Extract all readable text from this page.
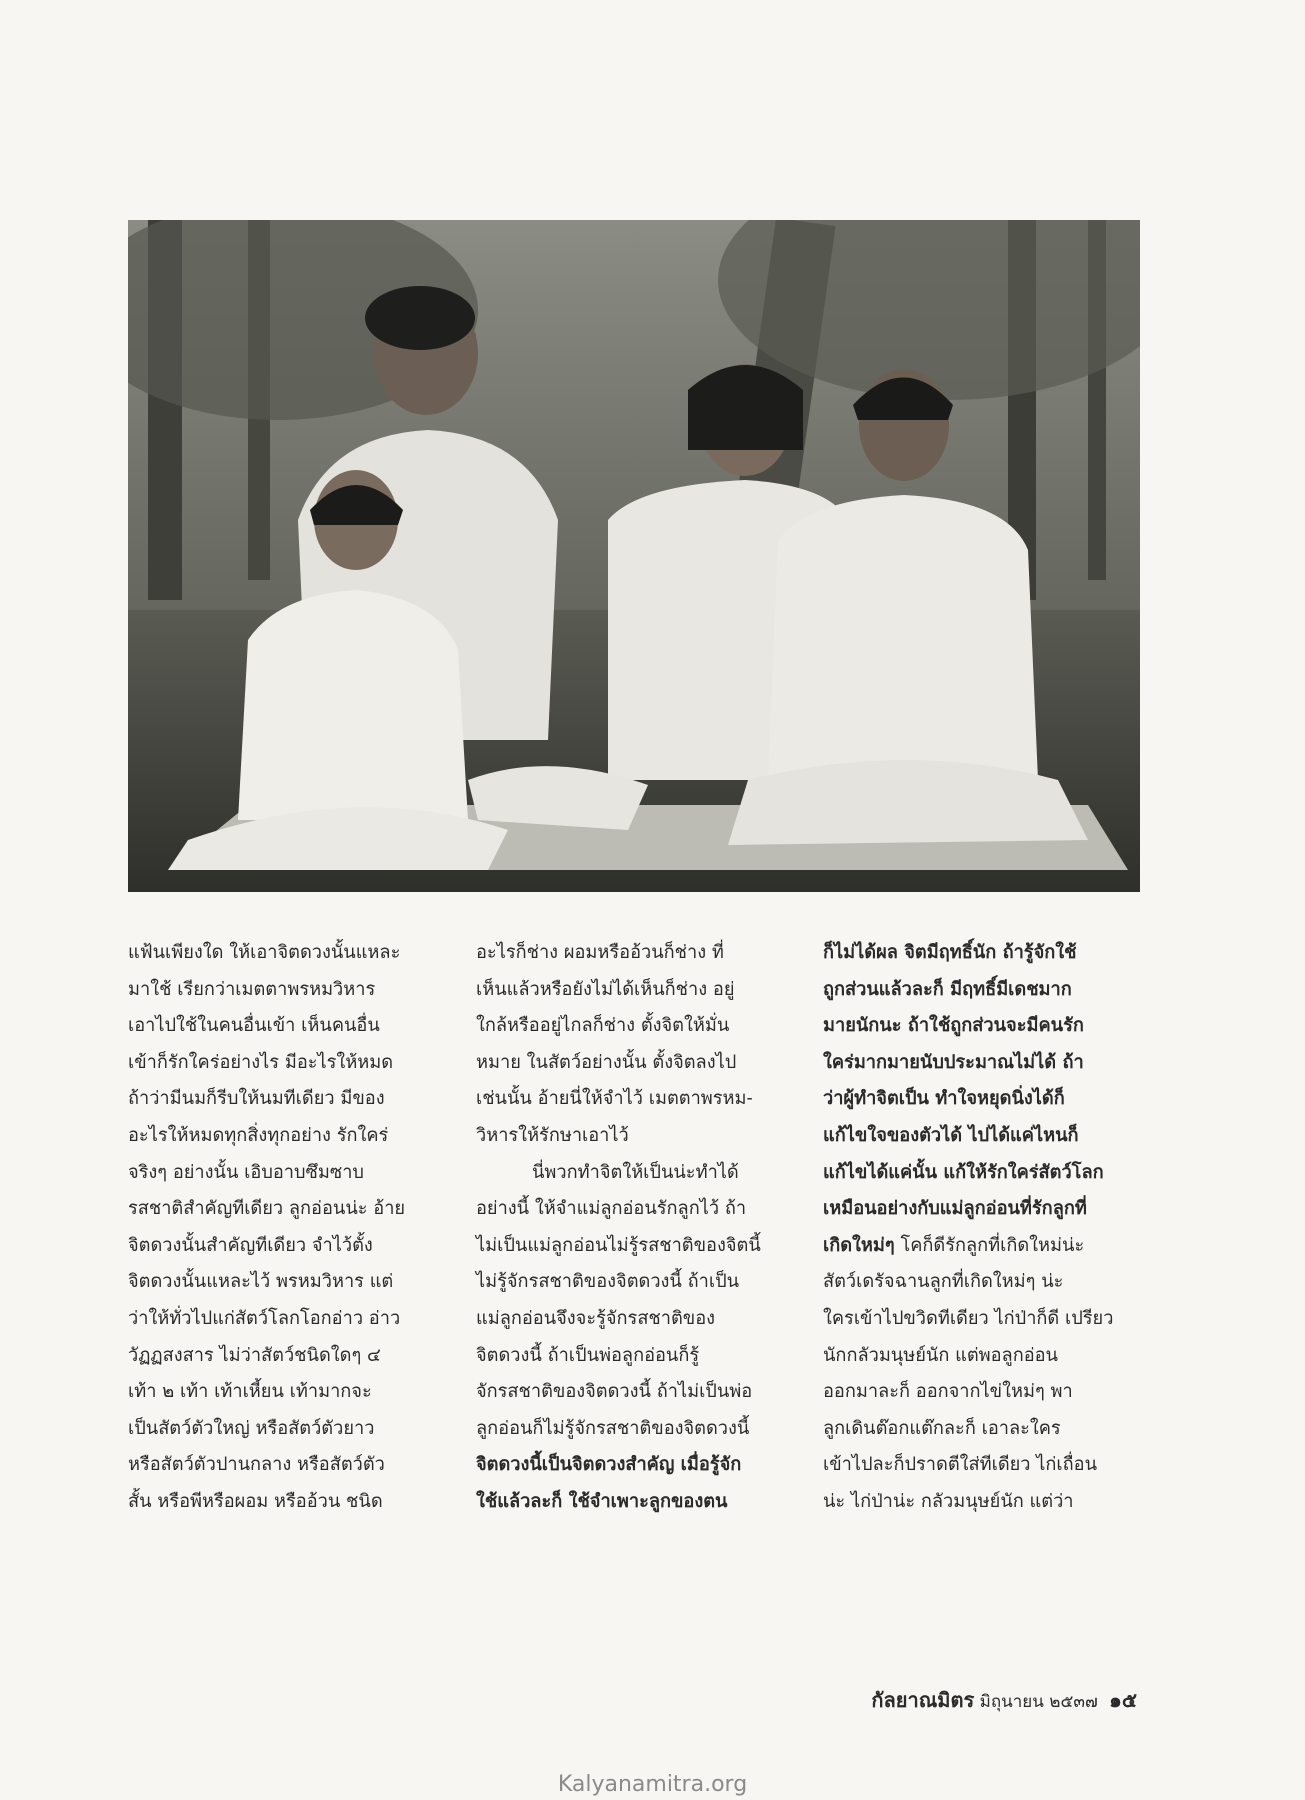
แฟ้นเพียงใด ให้เอาจิตดวงนั้นแหละ

มาใช้ เรียกว่าเมตตาพรหมวิหาร

เอาไปใช้ในคนอื่นเข้า เห็นคนอื่น

เข้าก็รักใคร่อย่างไร มีอะไรให้หมด

ถ้าว่ามีนมก็รีบให้นมทีเดียว มีของ

อะไรให้หมดทุกสิ่งทุกอย่าง รักใคร่

จริงๆ อย่างนั้น เอิบอาบซึมซาบ

รสชาติสำคัญทีเดียว ลูกอ่อนน่ะ อ้าย

จิตดวงนั้นสำคัญทีเดียว จำไว้ตั้ง

จิตดวงนั้นแหละไว้ พรหมวิหาร แต่

ว่าให้ทั่วไปแก่สัตว์โลกโอกอ่าว อ่าว

วัฏฏสงสาร ไม่ว่าสัตว์ชนิดใดๆ ๔

เท้า ๒ เท้า เท้าเหี้ยน เท้ามากจะ

เป็นสัตว์ตัวใหญ่ หรือสัตว์ตัวยาว

หรือสัตว์ตัวปานกลาง หรือสัตว์ตัว

สั้น หรือพีหรือผอม หรืออ้วน ชนิด

อะไรก็ช่าง ผอมหรืออ้วนก็ช่าง ที่

เห็นแล้วหรือยังไม่ได้เห็นก็ช่าง อยู่

ใกล้หรืออยู่ไกลก็ช่าง ตั้งจิตให้มั่น

หมาย ในสัตว์อย่างนั้น ตั้งจิตลงไป

เช่นนั้น อ้ายนี่ให้จำไว้ เมตตาพรหม-

วิหารให้รักษาเอาไว้

นี่พวกทำจิตให้เป็นน่ะทำได้

อย่างนี้ ให้จำแม่ลูกอ่อนรักลูกไว้ ถ้า

ไม่เป็นแม่ลูกอ่อนไม่รู้รสชาติของจิตนี้

ไม่รู้จักรสชาติของจิตดวงนี้ ถ้าเป็น

แม่ลูกอ่อนจึงจะรู้จักรสชาติของ

จิตดวงนี้ ถ้าเป็นพ่อลูกอ่อนก็รู้

จักรสชาติของจิตดวงนี้ ถ้าไม่เป็นพ่อ

ลูกอ่อนก็ไม่รู้จักรสชาติของจิตดวงนี้

จิตดวงนี้เป็นจิตดวงสำคัญ เมื่อรู้จัก

ใช้แล้วละก็ ใช้จำเพาะลูกของตน

ก็ไม่ได้ผล จิตมีฤทธิ์นัก ถ้ารู้จักใช้

ถูกส่วนแล้วละก็ มีฤทธิ์มีเดชมาก

มายนักนะ ถ้าใช้ถูกส่วนจะมีคนรัก

ใคร่มากมายนับประมาณไม่ได้ ถ้า

ว่าผู้ทำจิตเป็น ทำใจหยุดนิ่งได้ก็

แก้ไขใจของตัวได้ ไปได้แค่ไหนก็

แก้ไขได้แค่นั้น แก้ให้รักใคร่สัตว์โลก

เหมือนอย่างกับแม่ลูกอ่อนที่รักลูกที่

เกิดใหม่ๆ โคก็ดีรักลูกที่เกิดใหม่น่ะ

สัตว์เดรัจฉานลูกที่เกิดใหม่ๆ น่ะ

ใครเข้าไปขวิดทีเดียว ไก่ป่าก็ดี เปรียว

นักกลัวมนุษย์นัก แต่พอลูกอ่อน

ออกมาละก็ ออกจากไข่ใหม่ๆ พา

ลูกเดินต๊อกแต๊กละก็ เอาละใคร

เข้าไปละก็ปราดตีใส่ทีเดียว ไก่เถื่อน

น่ะ ไก่ป่าน่ะ กลัวมนุษย์นัก แต่ว่า

กัลยาณมิตร มิถุนายน ๒๕๓๗ ๑๕
Kalyanamitra.org
